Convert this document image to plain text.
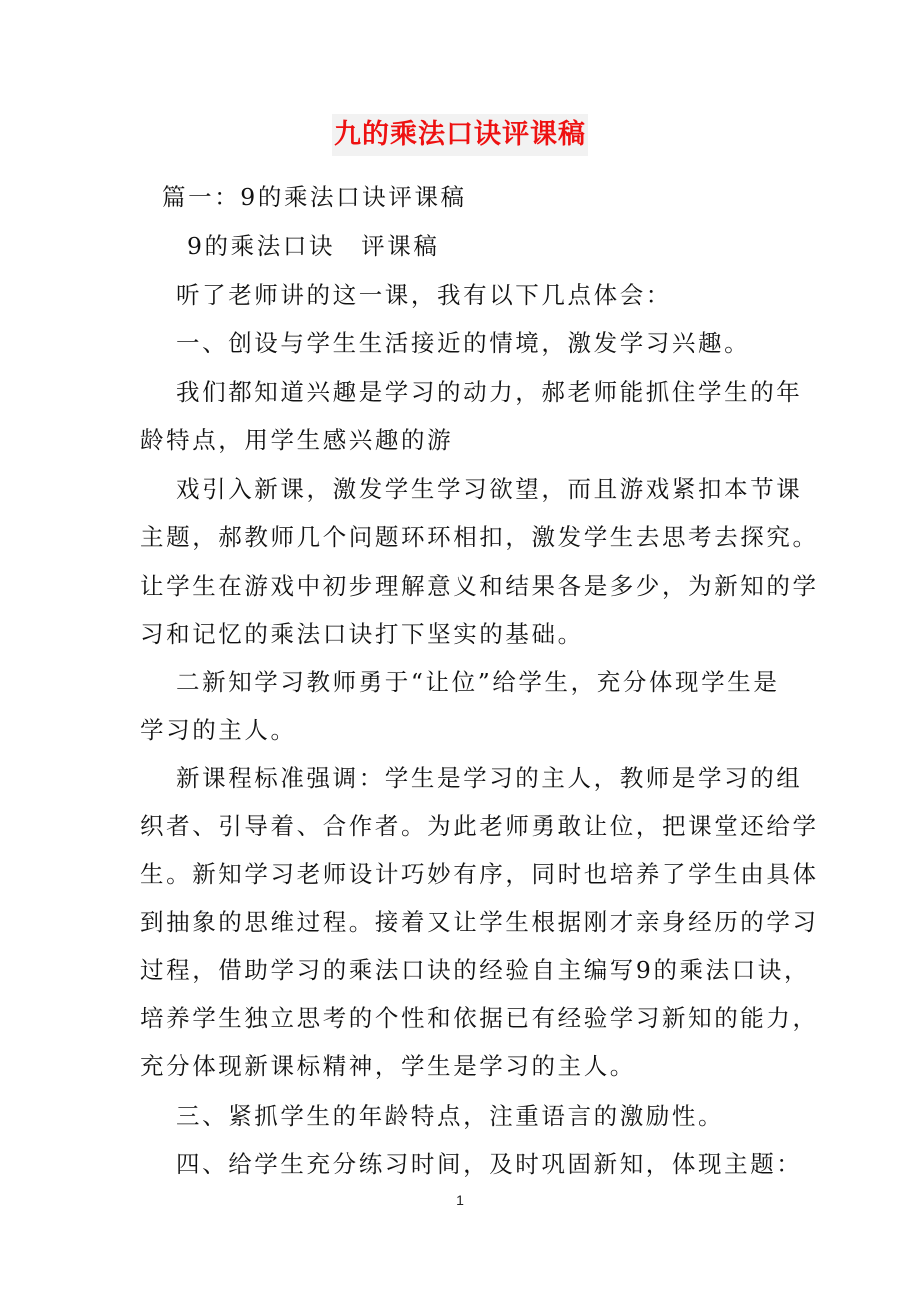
九的乘法口诀评课稿
篇一：9的乘法口诀评课稿
9的乘法口诀　评课稿
听了老师讲的这一课，我有以下几点体会：
一、创设与学生生活接近的情境，激发学习兴趣。
我们都知道兴趣是学习的动力，郝老师能抓住学生的年
龄特点，用学生感兴趣的游
戏引入新课，激发学生学习欲望，而且游戏紧扣本节课
主题，郝教师几个问题环环相扣，激发学生去思考去探究。
让学生在游戏中初步理解意义和结果各是多少，为新知的学
习和记忆的乘法口诀打下坚实的基础。
二新知学习教师勇于“让位”给学生，充分体现学生是
学习的主人。
新课程标准强调：学生是学习的主人，教师是学习的组
织者、引导着、合作者。为此老师勇敢让位，把课堂还给学
生。新知学习老师设计巧妙有序，同时也培养了学生由具体
到抽象的思维过程。接着又让学生根据刚才亲身经历的学习
过程，借助学习的乘法口诀的经验自主编写9的乘法口诀，
培养学生独立思考的个性和依据已有经验学习新知的能力，
充分体现新课标精神，学生是学习的主人。
三、紧抓学生的年龄特点，注重语言的激励性。
四、给学生充分练习时间，及时巩固新知，体现主题：
1
